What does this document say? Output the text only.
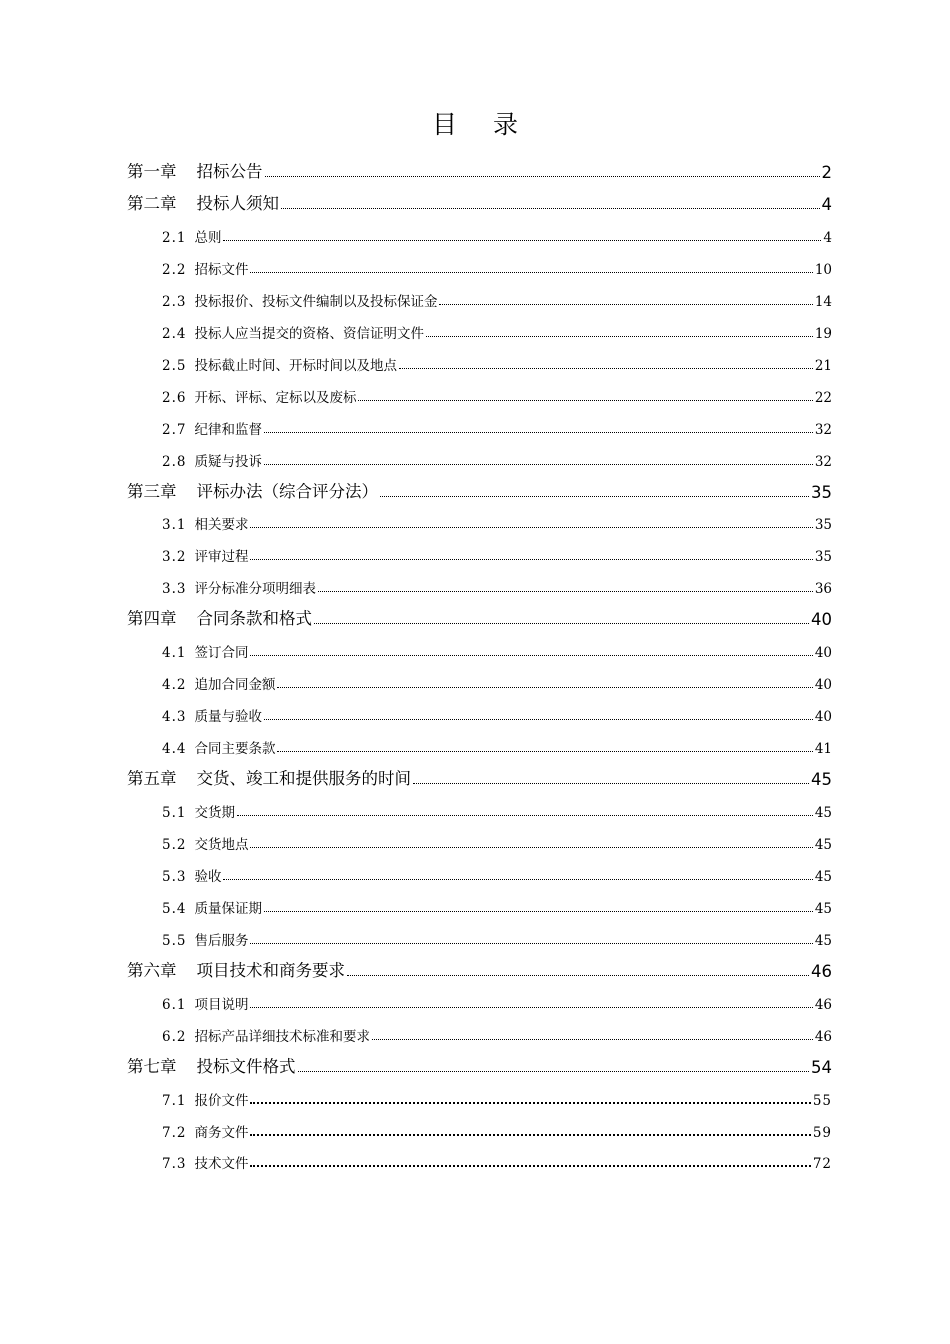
目 录
第一章 招标公告	2
第二章 投标人须知	4
2.1 总则	4
2.2 招标文件	10
2.3 投标报价、投标文件编制以及投标保证金	14
2.4 投标人应当提交的资格、资信证明文件	19
2.5 投标截止时间、开标时间以及地点	21
2.6 开标、评标、定标以及废标	22
2.7 纪律和监督	32
2.8 质疑与投诉	32
第三章 评标办法（综合评分法）	35
3.1 相关要求	35
3.2 评审过程	35
3.3 评分标准分项明细表	36
第四章 合同条款和格式	40
4.1 签订合同	40
4.2 追加合同金额	40
4.3 质量与验收	40
4.4 合同主要条款	41
第五章 交货、竣工和提供服务的时间	45
5.1 交货期	45
5.2 交货地点	45
5.3 验收	45
5.4 质量保证期	45
5.5 售后服务	45
第六章 项目技术和商务要求	46
6.1 项目说明	46
6.2 招标产品详细技术标准和要求	46
第七章 投标文件格式	54
7.1 报价文件	55
7.2 商务文件	59
7.3 技术文件	72
